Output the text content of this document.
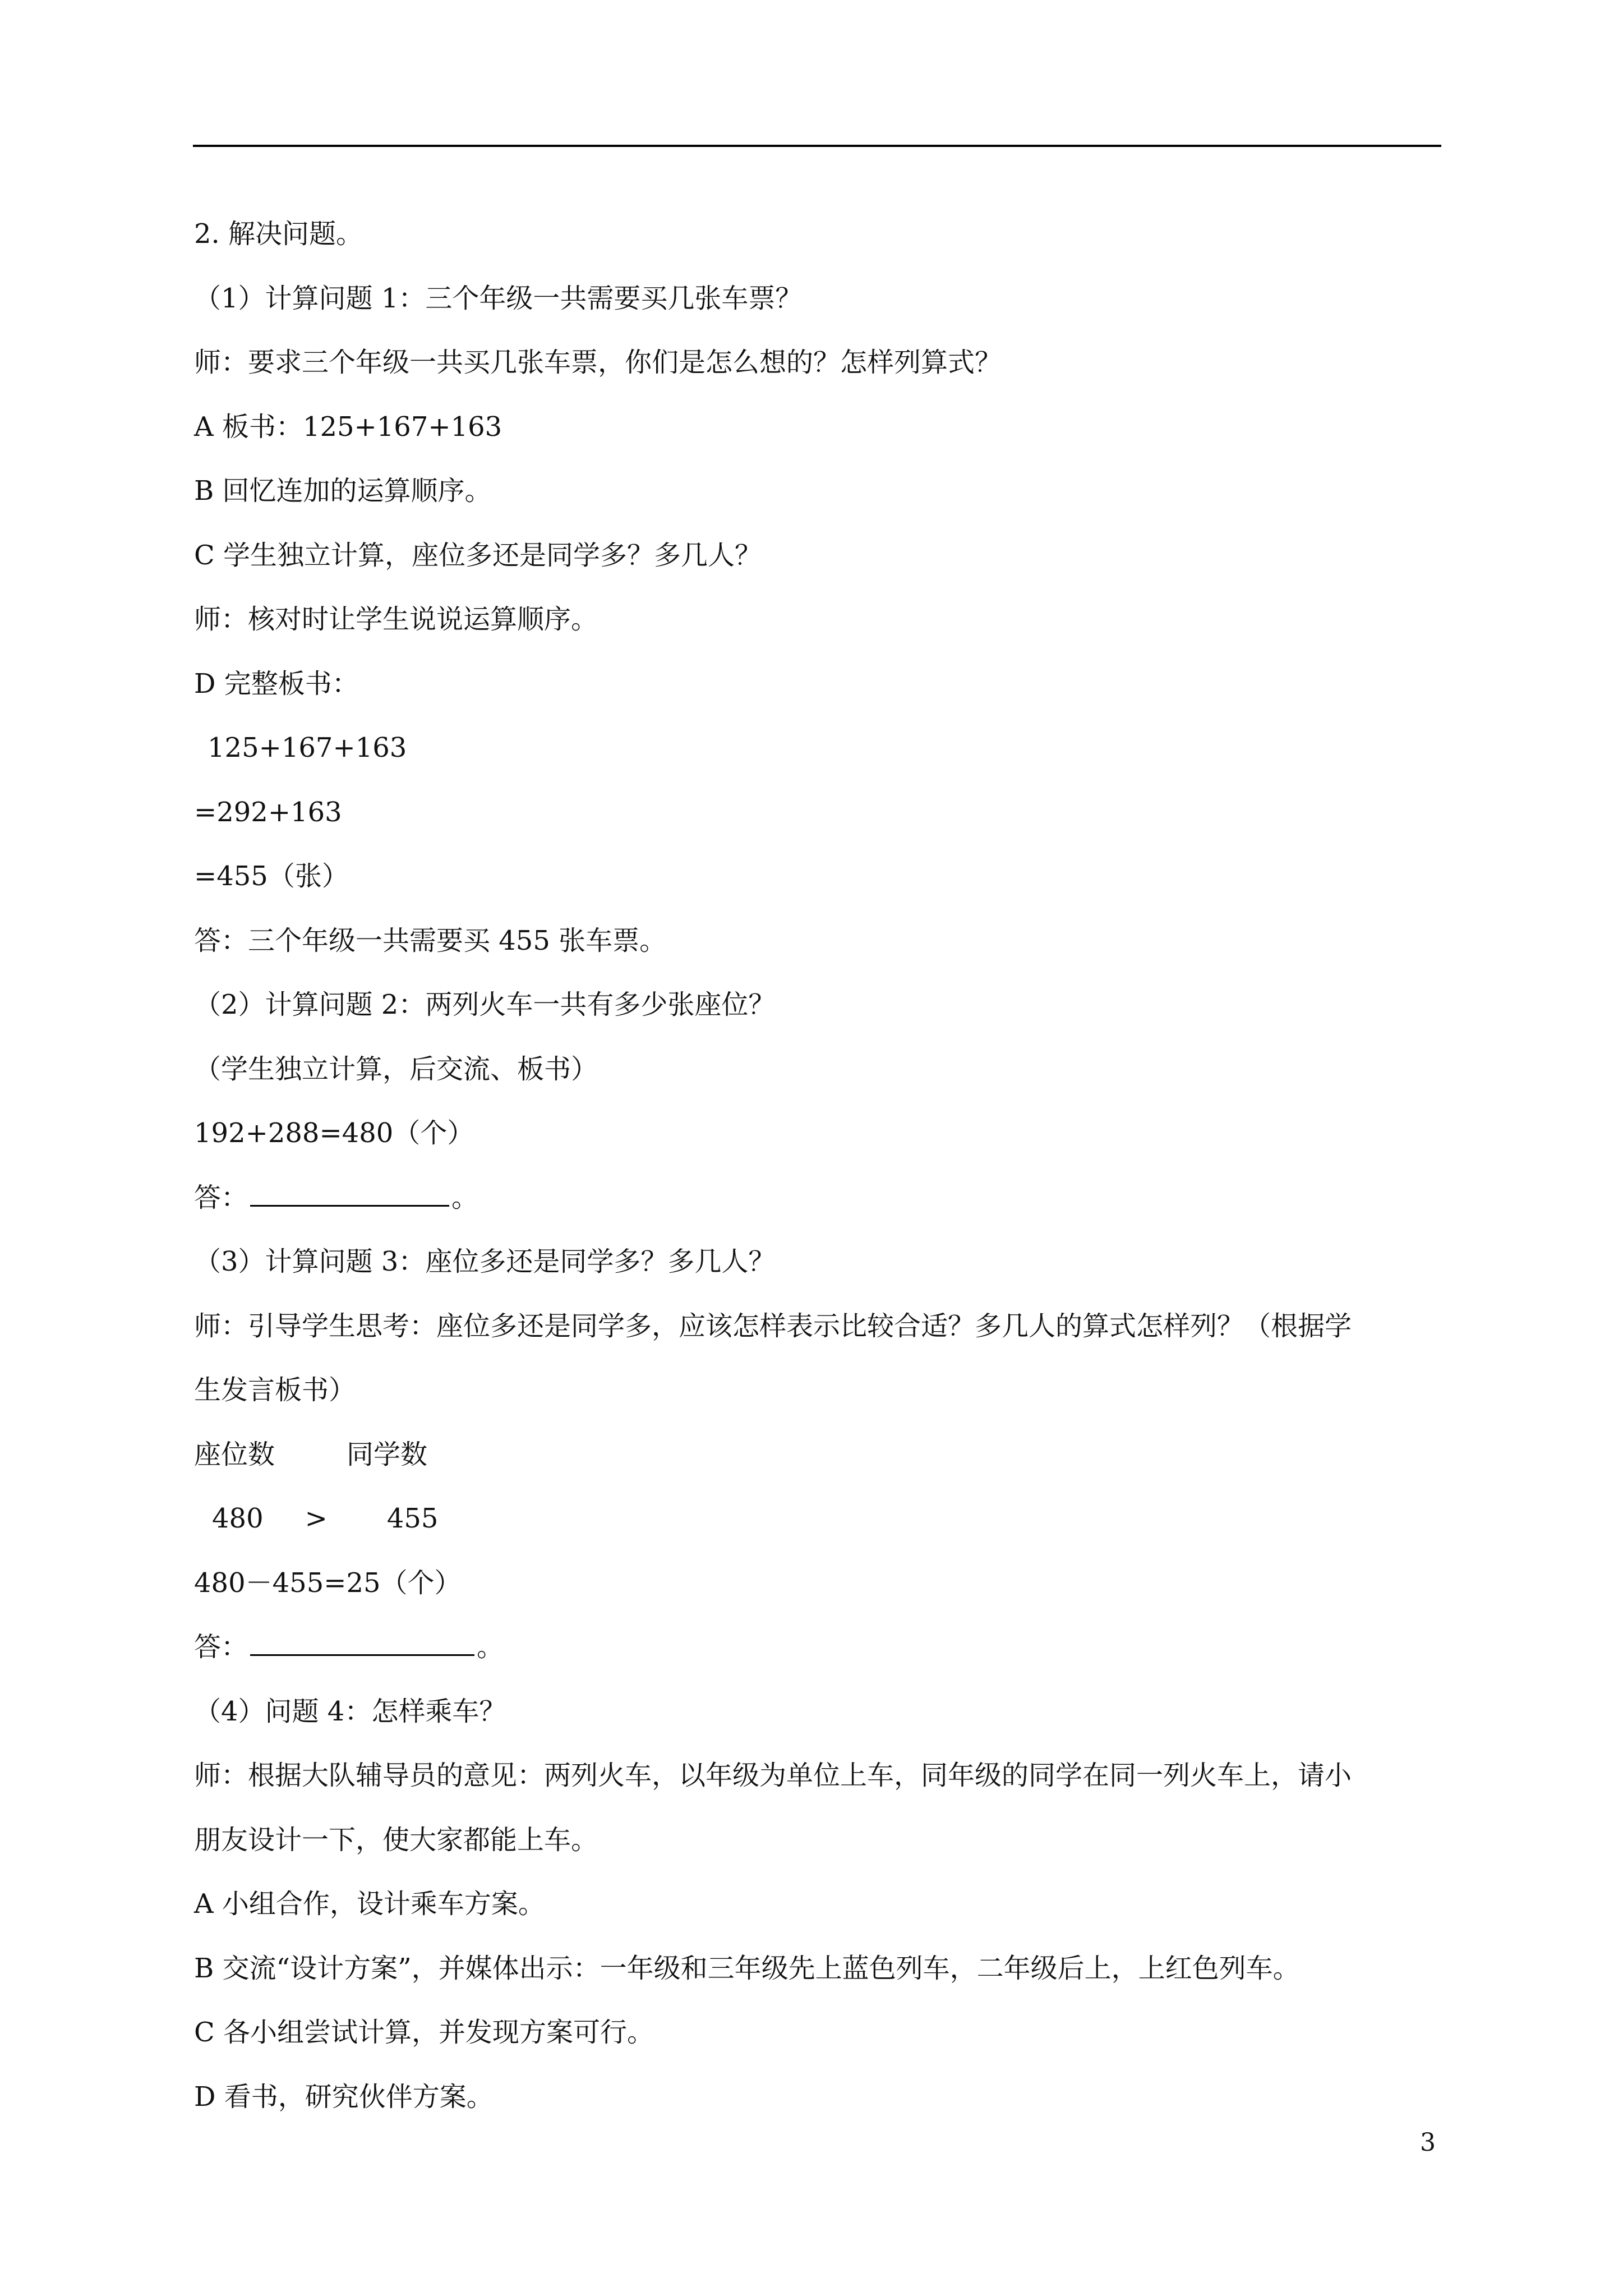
2. 解决问题。
（1）计算问题 1：三个年级一共需要买几张车票？
师：要求三个年级一共买几张车票，你们是怎么想的？怎样列算式？
A 板书：125+167+163
B 回忆连加的运算顺序。
C 学生独立计算，座位多还是同学多？多几人？
师：核对时让学生说说运算顺序。
D 完整板书：
125+167+163
=292+163
=455（张）
答：三个年级一共需要买 455 张车票。
（2）计算问题 2：两列火车一共有多少张座位？
（学生独立计算，后交流、板书）
192+288=480（个）
答：	。
（3）计算问题 3：座位多还是同学多？多几人？
师：引导学生思考：座位多还是同学多，应该怎样表示比较合适？多几人的算式怎样列？（根据学
生发言板书）
座位数	同学数
480 > 455
480－455=25（个）
答：	。
（4）问题 4：怎样乘车？
师：根据大队辅导员的意见：两列火车，以年级为单位上车，同年级的同学在同一列火车上，请小
朋友设计一下，使大家都能上车。
A 小组合作，设计乘车方案。
B 交流“设计方案”，并媒体出示：一年级和三年级先上蓝色列车，二年级后上，上红色列车。
C 各小组尝试计算，并发现方案可行。
D 看书，研究伙伴方案。
3
